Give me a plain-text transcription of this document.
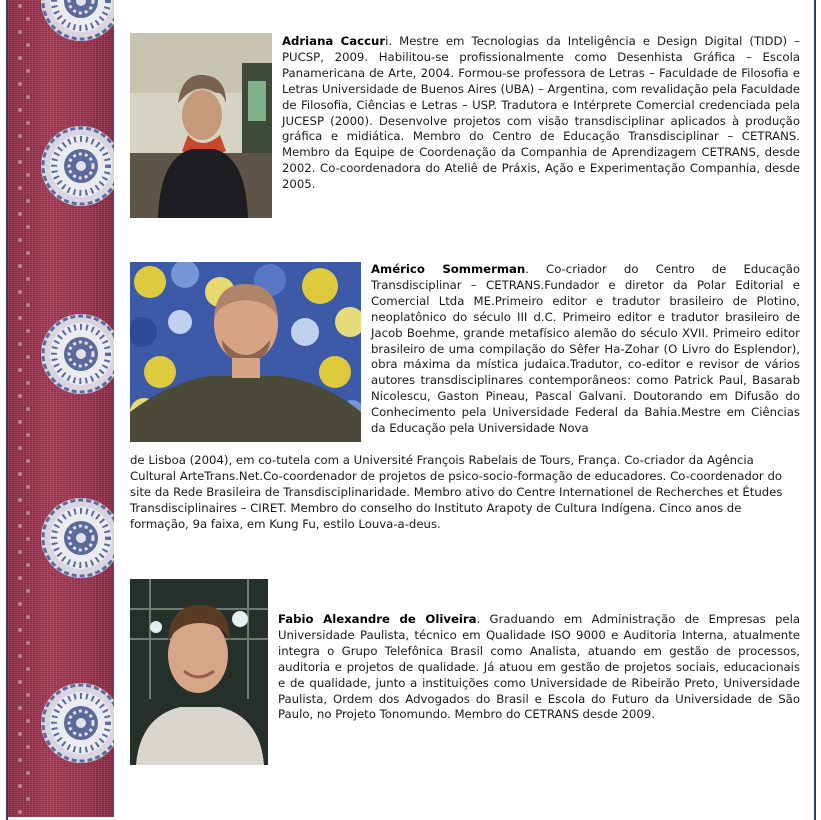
Adriana Caccuri. Mestre em Tecnologias da Inteligência e Design Digital (TIDD) – PUCSP, 2009. Habilitou-se profissionalmente como Desenhista Gráfica – Escola Panamericana de Arte, 2004. Formou-se professora de Letras – Faculdade de Filosofia e Letras Universidade de Buenos Aires (UBA) – Argentina, com revalidação pela Faculdade de Filosofia, Ciências e Letras – USP. Tradutora e Intérprete Comercial credenciada pela JUCESP (2000). Desenvolve projetos com visão transdisciplinar aplicados à produção gráfica e midiática. Membro do Centro de Educação Transdisciplinar – CETRANS. Membro da Equipe de Coordenação da Companhia de Aprendizagem CETRANS, desde 2002. Co-coordenadora do Ateliê de Práxis, Ação e Experimentação Companhia, desde 2005.

Américo Sommerman. Co-criador do Centro de Educação Transdisciplinar – CETRANS.Fundador e diretor da Polar Editorial e Comercial Ltda ME.Primeiro editor e tradutor brasileiro de Plotino, neoplatônico do século III d.C. Primeiro editor e tradutor brasileiro de Jacob Boehme, grande metafísico alemão do século XVII. Primeiro editor brasileiro de uma compilação do Sêfer Ha-Zohar (O Livro do Esplendor), obra máxima da mística judaica.Tradutor, co-editor e revisor de vários autores transdisciplinares contemporâneos: como Patrick Paul, Basarab Nicolescu, Gaston Pineau, Pascal Galvani. Doutorando em Difusão do Conhecimento pela Universidade Federal da Bahia.Mestre em Ciências da Educação pela Universidade Nova

de Lisboa (2004), em co-tutela com a Université François Rabelais de Tours, França. Co-criador da Agência Cultural ArteTrans.Net.Co-coordenador de projetos de psico-socio-formação de educadores. Co-coordenador do site da Rede Brasileira de Transdisciplinaridade. Membro ativo do Centre Internationel de Recherches et Études Transdisciplinaires – CIRET. Membro do conselho do Instituto Arapoty de Cultura Indígena. Cinco anos de formação, 9a faixa, em Kung Fu, estilo Louva-a-deus.

Fabio Alexandre de Oliveira. Graduando em Administração de Empresas pela Universidade Paulista, técnico em Qualidade ISO 9000 e Auditoria Interna, atualmente integra o Grupo Telefônica Brasil como Analista, atuando em gestão de processos, auditoria e projetos de qualidade. Já atuou em gestão de projetos sociais, educacionais e de qualidade, junto a instituições como Universidade de Ribeirão Preto, Universidade Paulista, Ordem dos Advogados do Brasil e Escola do Futuro da Universidade de São Paulo, no Projeto Tonomundo. Membro do CETRANS desde 2009.
